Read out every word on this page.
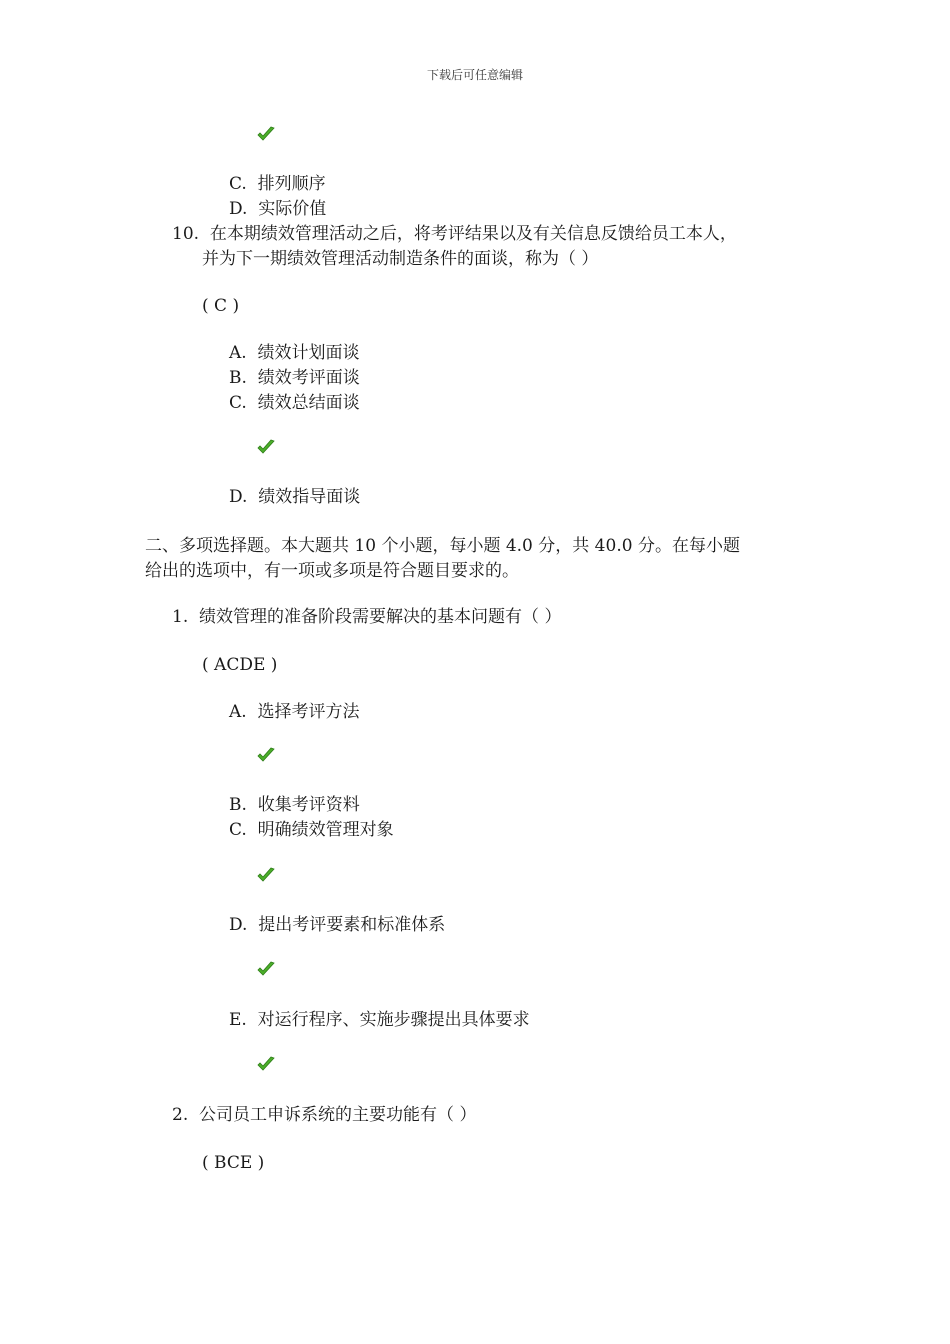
下载后可任意编辑
C. 排列顺序
D. 实际价值
10. 在本期绩效管理活动之后，将考评结果以及有关信息反馈给员工本人，
并为下一期绩效管理活动制造条件的面谈，称为（ ）
( C )
A. 绩效计划面谈
B. 绩效考评面谈
C. 绩效总结面谈
D. 绩效指导面谈
二、多项选择题。本大题共 10 个小题，每小题 4.0 分，共 40.0 分。在每小题
给出的选项中，有一项或多项是符合题目要求的。
1. 绩效管理的准备阶段需要解决的基本问题有（ ）
( ACDE )
A. 选择考评方法
B. 收集考评资料
C. 明确绩效管理对象
D. 提出考评要素和标准体系
E. 对运行程序、实施步骤提出具体要求
2. 公司员工申诉系统的主要功能有（ ）
( BCE )
